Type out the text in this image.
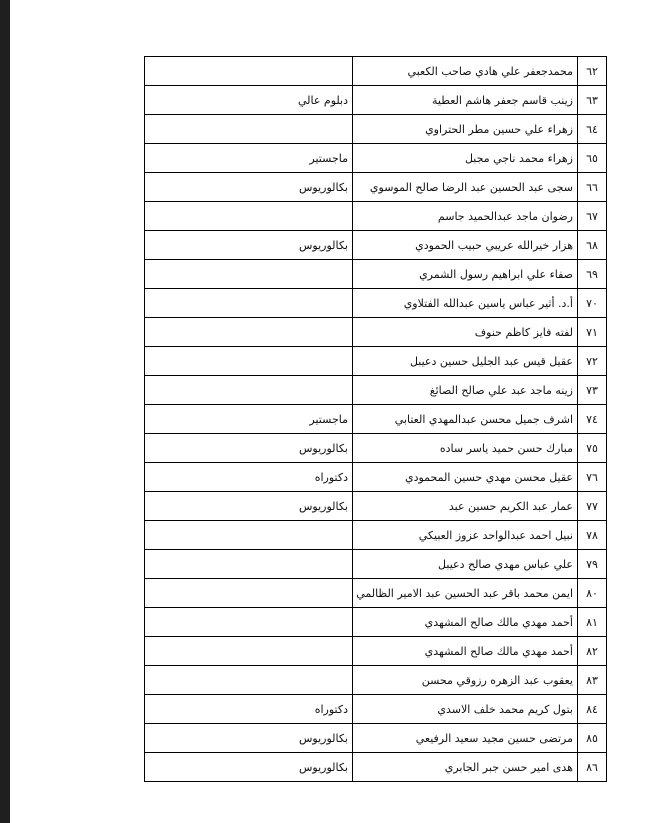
٦٢	محمدجعفر علي هادي صاحب الكعبي	
٦٣	زينب قاسم جعفر هاشم العطية	دبلوم عالي
٦٤	زهراء علي حسين مطر الحتراوي	
٦٥	زهراء محمد ناجي مجبل	ماجستير
٦٦	سجى عبد الحسين عبد الرضا صالح الموسوي	بكالوريوس
٦٧	رضوان ماجد عبدالحميد جاسم	
٦٨	هزار خيرالله عريبي حبيب الحمودي	بكالوريوس
٦٩	صفاء علي ابراهيم رسول الشمري	
٧٠	أ.د. أثير عباس ياسين عبدالله الفتلاوي	
٧١	لفته فايز كاظم حنوف	
٧٢	عقيل قيس عبد الجليل حسين دعيبل	
٧٣	زينه ماجد عبد علي صالح الصائغ	
٧٤	اشرف جميل محسن عبدالمهدي العتابي	ماجستير
٧٥	مبارك حسن حميد ياسر ساده	بكالوريوس
٧٦	عقيل محسن مهدي حسين المحمودي	دكتوراه
٧٧	عمار عبد الكريم حسين عبد	بكالوريوس
٧٨	نبيل احمد عبدالواحد عزوز العبيكي	
٧٩	علي عباس مهدي صالح دعيبل	
٨٠	ايمن محمد باقر عبد الحسين عبد الامير الظالمي	
٨١	أحمد مهدي مالك صالح المشهدي	
٨٢	أحمد مهدي مالك صالح المشهدي	
٨٣	يعقوب عبد الزهره رزوقي محسن	
٨٤	بتول كريم محمد خلف الاسدي	دكتوراه
٨٥	مرتضى حسين مجيد سعيد الرفيعي	بكالوريوس
٨٦	هدى امير حسن جبر الجابري	بكالوريوس
